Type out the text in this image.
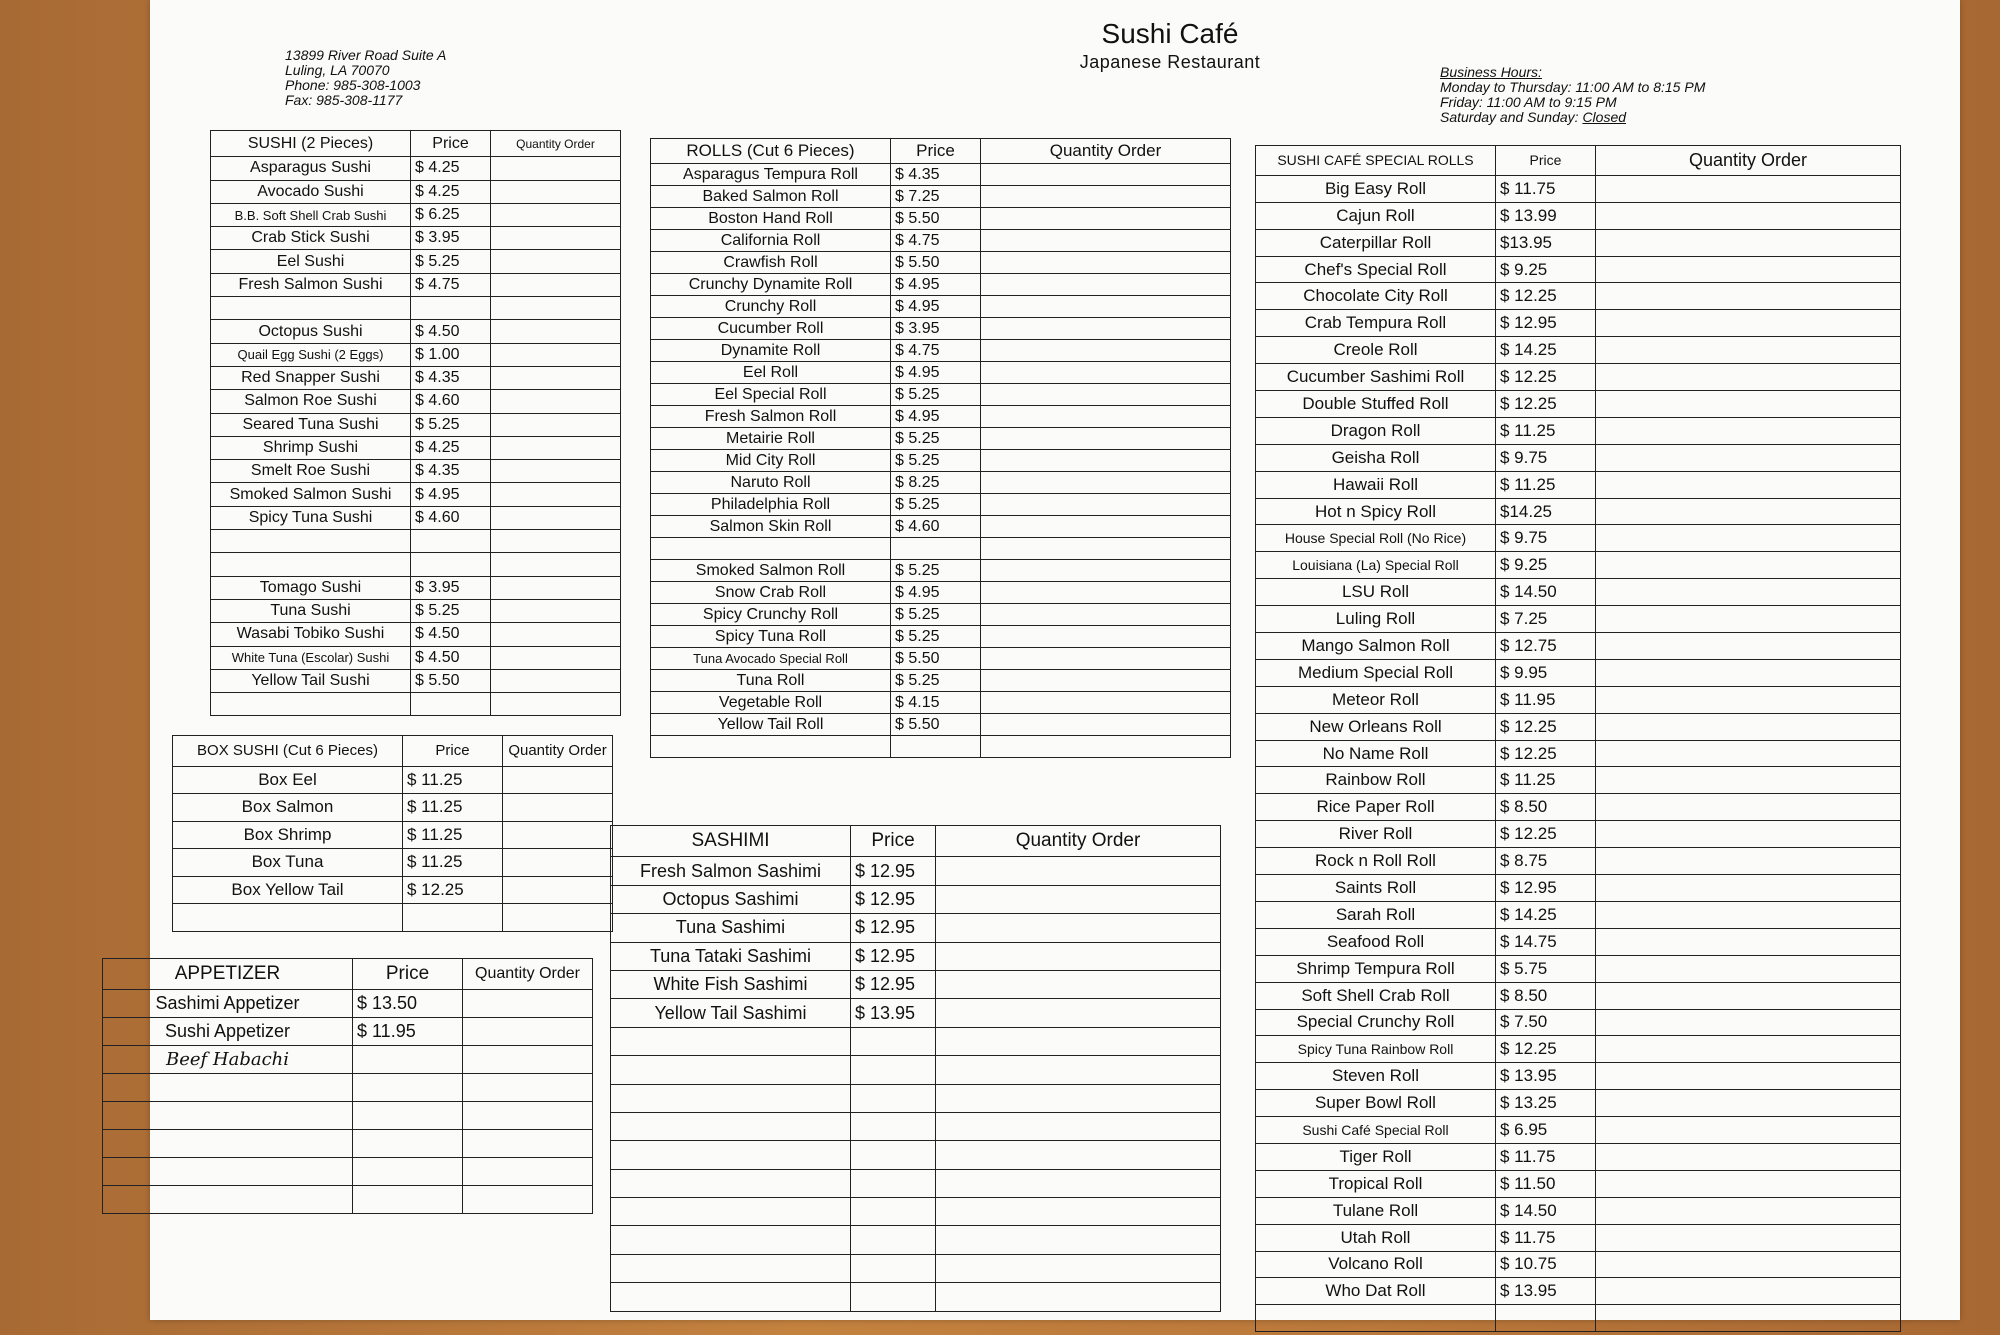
Sushi Café
Japanese Restaurant
13899 River Road Suite A
Luling, LA 70070
Phone: 985-308-1003
Fax: 985-308-1177
Business Hours:
Monday to Thursday: 11:00 AM to 8:15 PM
Friday: 11:00 AM to 9:15 PM
Saturday and Sunday: Closed
SUSHI (2 Pieces)	Price	Quantity Order
Asparagus Sushi	$ 4.25	
Avocado Sushi	$ 4.25	
B.B. Soft Shell Crab Sushi	$ 6.25	
Crab Stick Sushi	$ 3.95	
Eel Sushi	$ 5.25	
Fresh Salmon Sushi	$ 4.75	

Octopus Sushi	$ 4.50	
Quail Egg Sushi (2 Eggs)	$ 1.00	
Red Snapper Sushi	$ 4.35	
Salmon Roe Sushi	$ 4.60	
Seared Tuna Sushi	$ 5.25	
Shrimp Sushi	$ 4.25	
Smelt Roe Sushi	$ 4.35	
Smoked Salmon Sushi	$ 4.95	
Spicy Tuna Sushi	$ 4.60	

Tomago Sushi	$ 3.95	
Tuna Sushi	$ 5.25	
Wasabi Tobiko Sushi	$ 4.50	
White Tuna (Escolar) Sushi	$ 4.50	
Yellow Tail Sushi	$ 5.50	

BOX SUSHI (Cut 6 Pieces)	Price	Quantity Order
Box Eel	$ 11.25	
Box Salmon	$ 11.25	
Box Shrimp	$ 11.25	
Box Tuna	$ 11.25	
Box Yellow Tail	$ 12.25	

APPETIZER	Price	Quantity Order
Sashimi Appetizer	$ 13.50	
Sushi Appetizer	$ 11.95	
Beef Habachi		

ROLLS (Cut 6 Pieces)	Price	Quantity Order
Asparagus Tempura Roll	$ 4.35	
Baked Salmon Roll	$ 7.25	
Boston Hand Roll	$ 5.50	
California Roll	$ 4.75	
Crawfish Roll	$ 5.50	
Crunchy Dynamite Roll	$ 4.95	
Crunchy Roll	$ 4.95	
Cucumber Roll	$ 3.95	
Dynamite Roll	$ 4.75	
Eel Roll	$ 4.95	
Eel Special Roll	$ 5.25	
Fresh Salmon Roll	$ 4.95	
Metairie Roll	$ 5.25	
Mid City Roll	$ 5.25	
Naruto Roll	$ 8.25	
Philadelphia Roll	$ 5.25	
Salmon Skin Roll	$ 4.60	

Smoked Salmon Roll	$ 5.25	
Snow Crab Roll	$ 4.95	
Spicy Crunchy Roll	$ 5.25	
Spicy Tuna Roll	$ 5.25	
Tuna Avocado Special Roll	$ 5.50	
Tuna Roll	$ 5.25	
Vegetable Roll	$ 4.15	
Yellow Tail Roll	$ 5.50	

SASHIMI	Price	Quantity Order
Fresh Salmon Sashimi	$ 12.95	
Octopus Sashimi	$ 12.95	
Tuna Sashimi	$ 12.95	
Tuna Tataki Sashimi	$ 12.95	
White Fish Sashimi	$ 12.95	
Yellow Tail Sashimi	$ 13.95	

SUSHI CAFÉ SPECIAL ROLLS	Price	Quantity Order
Big Easy Roll	$ 11.75	
Cajun Roll	$ 13.99	
Caterpillar Roll	$13.95	
Chef's Special Roll	$ 9.25	
Chocolate City Roll	$ 12.25	
Crab Tempura Roll	$ 12.95	
Creole Roll	$ 14.25	
Cucumber Sashimi Roll	$ 12.25	
Double Stuffed Roll	$ 12.25	
Dragon Roll	$ 11.25	
Geisha Roll	$ 9.75	
Hawaii Roll	$ 11.25	
Hot n Spicy Roll	$14.25	
House Special Roll (No Rice)	$ 9.75	
Louisiana (La) Special Roll	$ 9.25	
LSU Roll	$ 14.50	
Luling Roll	$ 7.25	
Mango Salmon Roll	$ 12.75	
Medium Special Roll	$ 9.95	
Meteor Roll	$ 11.95	
New Orleans Roll	$ 12.25	
No Name Roll	$ 12.25	
Rainbow Roll	$ 11.25	
Rice Paper Roll	$ 8.50	
River Roll	$ 12.25	
Rock n Roll Roll	$ 8.75	
Saints Roll	$ 12.95	
Sarah Roll	$ 14.25	
Seafood Roll	$ 14.75	
Shrimp Tempura Roll	$ 5.75	
Soft Shell Crab Roll	$ 8.50	
Special Crunchy Roll	$ 7.50	
Spicy Tuna Rainbow Roll	$ 12.25	
Steven Roll	$ 13.95	
Super Bowl Roll	$ 13.25	
Sushi Café Special Roll	$ 6.95	
Tiger Roll	$ 11.75	
Tropical Roll	$ 11.50	
Tulane Roll	$ 14.50	
Utah Roll	$ 11.75	
Volcano Roll	$ 10.75	
Who Dat Roll	$ 13.95	
